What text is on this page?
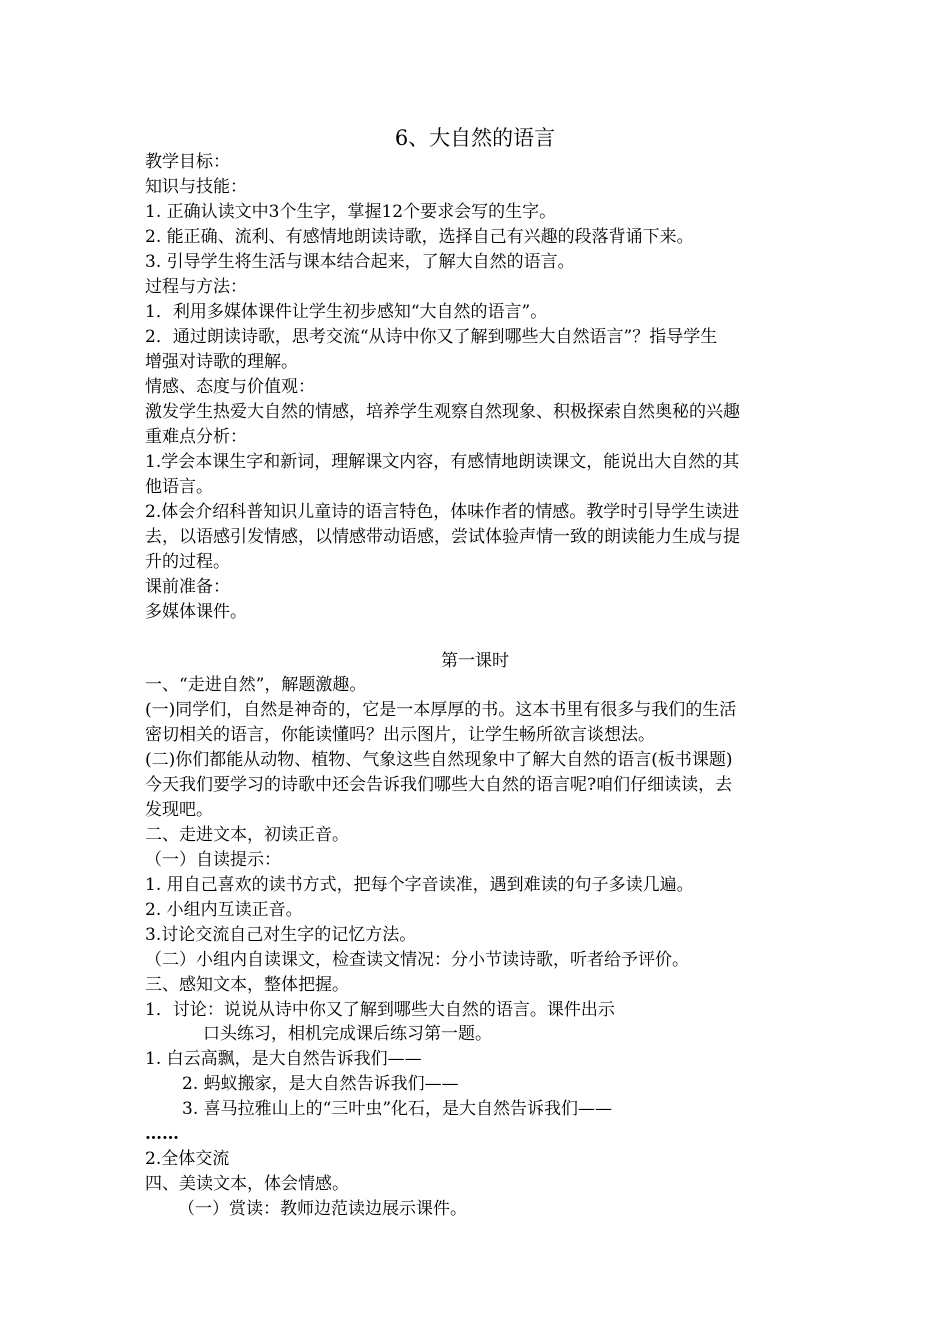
6、大自然的语言
教学目标：
知识与技能：
1. 正确认读文中3个生字，掌握12个要求会写的生字。
2. 能正确、流利、有感情地朗读诗歌，选择自己有兴趣的段落背诵下来。
3. 引导学生将生活与课本结合起来，了解大自然的语言。
过程与方法：
1．利用多媒体课件让学生初步感知“大自然的语言”。
2．通过朗读诗歌，思考交流“从诗中你又了解到哪些大自然语言”？指导学生
增强对诗歌的理解。
情感、态度与价值观：
激发学生热爱大自然的情感，培养学生观察自然现象、积极探索自然奥秘的兴趣
重难点分析：
1.学会本课生字和新词，理解课文内容，有感情地朗读课文，能说出大自然的其
他语言。
2.体会介绍科普知识儿童诗的语言特色，体味作者的情感。教学时引导学生读进
去，以语感引发情感，以情感带动语感，尝试体验声情一致的朗读能力生成与提
升的过程。
课前准备：
多媒体课件。
第一课时
一、“走进自然”，解题激趣。
(一)同学们，自然是神奇的，它是一本厚厚的书。这本书里有很多与我们的生活
密切相关的语言，你能读懂吗？出示图片，让学生畅所欲言谈想法。
(二)你们都能从动物、植物、气象这些自然现象中了解大自然的语言(板书课题)
今天我们要学习的诗歌中还会告诉我们哪些大自然的语言呢?咱们仔细读读，去
发现吧。
二、走进文本，初读正音。
（一）自读提示：
1. 用自己喜欢的读书方式，把每个字音读准，遇到难读的句子多读几遍。
2. 小组内互读正音。
3.讨论交流自己对生字的记忆方法。
（二）小组内自读课文，检查读文情况：分小节读诗歌，听者给予评价。
三、感知文本，整体把握。
1．讨论：说说从诗中你又了解到哪些大自然的语言。课件出示
口头练习，相机完成课后练习第一题。
1. 白云高飘，是大自然告诉我们——
2. 蚂蚁搬家，是大自然告诉我们——
3. 喜马拉雅山上的“三叶虫”化石，是大自然告诉我们——
……
2.全体交流
四、美读文本，体会情感。
（一）赏读：教师边范读边展示课件。
